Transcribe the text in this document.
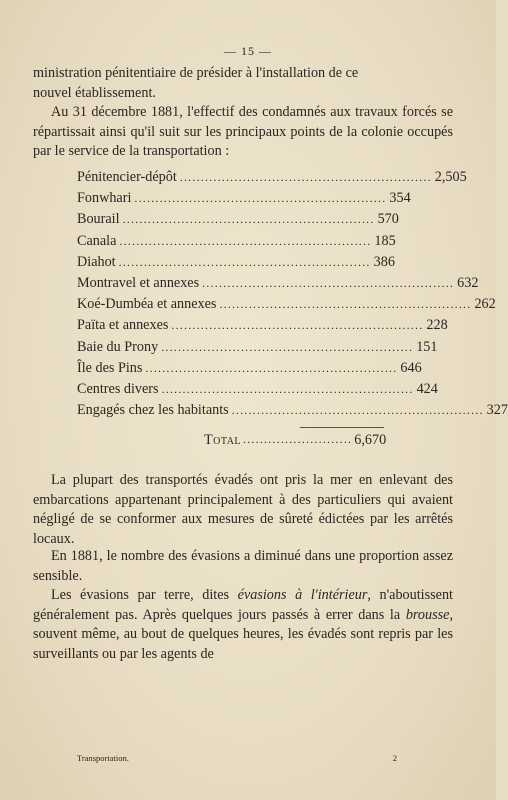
— 15 —
ministration pénitentiaire de présider à l'installation de ce
nouvel établissement.
Au 31 décembre 1881, l'effectif des condamnés aux travaux forcés se répartissait ainsi qu'il suit sur les principaux points de la colonie occupés par le service de la transportation :
Pénitencier-dépôt ............................................................ 2,505
Fonwhari ............................................................ 354
Bourail ............................................................ 570
Canala ............................................................ 185
Diahot ............................................................ 386
Montravel et annexes ............................................................ 632
Koé-Dumbéa et annexes ............................................................ 262
Païta et annexes ............................................................ 228
Baie du Prony ............................................................ 151
Île des Pins ............................................................ 646
Centres divers ............................................................ 424
Engagés chez les habitants ............................................................ 327
Total .......................... 6,670
La plupart des transportés évadés ont pris la mer en enlevant des embarcations appartenant principalement à des particuliers qui avaient négligé de se conformer aux mesures de sûreté édictées par les arrêtés locaux.
En 1881, le nombre des évasions a diminué dans une proportion assez sensible.
Les évasions par terre, dites évasions à l'intérieur, n'aboutissent généralement pas. Après quelques jours passés à errer dans la brousse, souvent même, au bout de quelques heures, les évadés sont repris par les surveillants ou par les agents de
Transportation.	2
